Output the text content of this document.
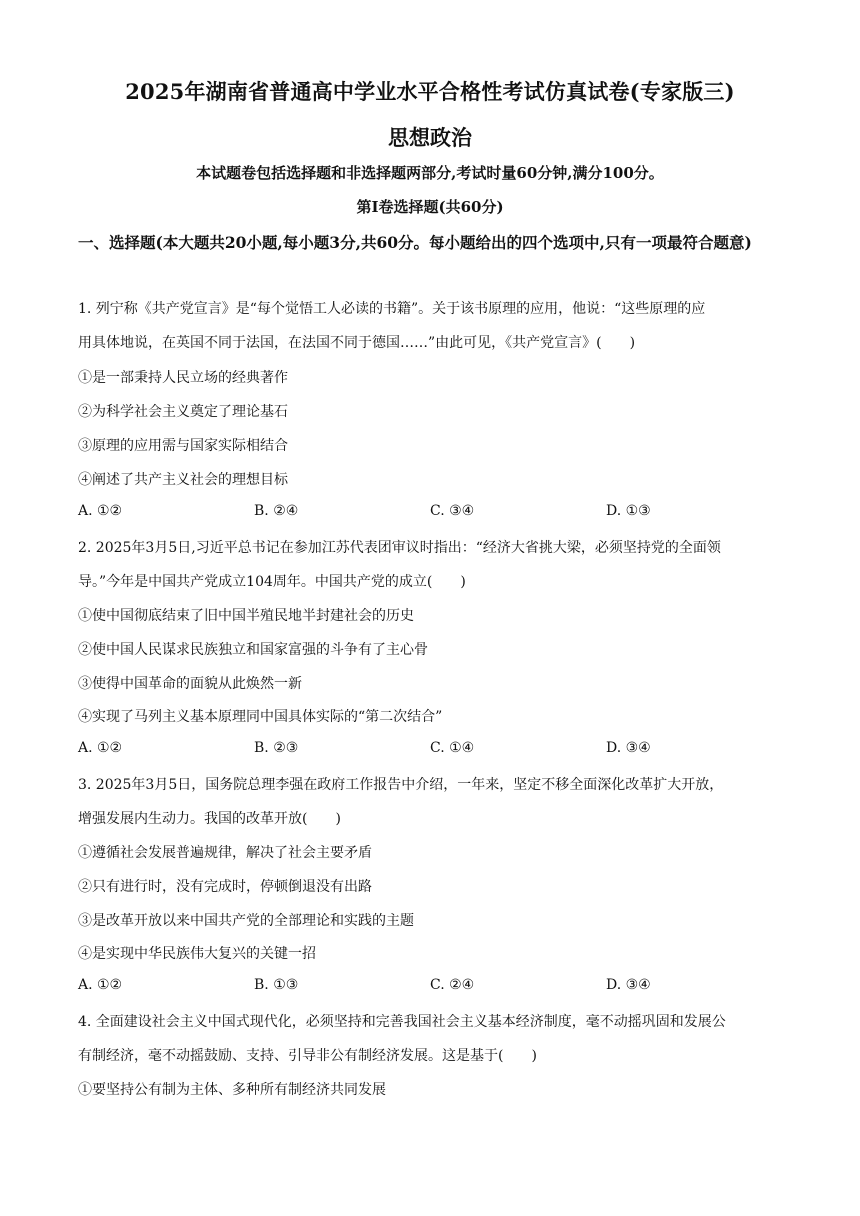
2025年湖南省普通高中学业水平合格性考试仿真试卷(专家版三)
思想政治
本试题卷包括选择题和非选择题两部分,考试时量60分钟,满分100分。
第Ⅰ卷选择题(共60分)
一、选择题(本大题共20小题,每小题3分,共60分。每小题给出的四个选项中,只有一项最符合题意)
1. 列宁称《共产党宣言》是“每个觉悟工人必读的书籍”。关于该书原理的应用，他说：“这些原理的应
用具体地说，在英国不同于法国，在法国不同于德国……”由此可见，《共产党宣言》(　　)
①是一部秉持人民立场的经典著作
②为科学社会主义奠定了理论基石
③原理的应用需与国家实际相结合
④阐述了共产主义社会的理想目标
A. ①②	B. ②④	C. ③④	D. ①③
2. 2025年3月5日,习近平总书记在参加江苏代表团审议时指出：“经济大省挑大梁，必须坚持党的全面领
导。”今年是中国共产党成立104周年。中国共产党的成立(　　)
①使中国彻底结束了旧中国半殖民地半封建社会的历史
②使中国人民谋求民族独立和国家富强的斗争有了主心骨
③使得中国革命的面貌从此焕然一新
④实现了马列主义基本原理同中国具体实际的“第二次结合”
A. ①②	B. ②③	C. ①④	D. ③④
3. 2025年3月5日，国务院总理李强在政府工作报告中介绍，一年来，坚定不移全面深化改革扩大开放，
增强发展内生动力。我国的改革开放(　　)
①遵循社会发展普遍规律，解决了社会主要矛盾
②只有进行时，没有完成时，停顿倒退没有出路
③是改革开放以来中国共产党的全部理论和实践的主题
④是实现中华民族伟大复兴的关键一招
A. ①②	B. ①③	C. ②④	D. ③④
4. 全面建设社会主义中国式现代化，必须坚持和完善我国社会主义基本经济制度，毫不动摇巩固和发展公
有制经济，毫不动摇鼓励、支持、引导非公有制经济发展。这是基于(　　)
①要坚持公有制为主体、多种所有制经济共同发展
